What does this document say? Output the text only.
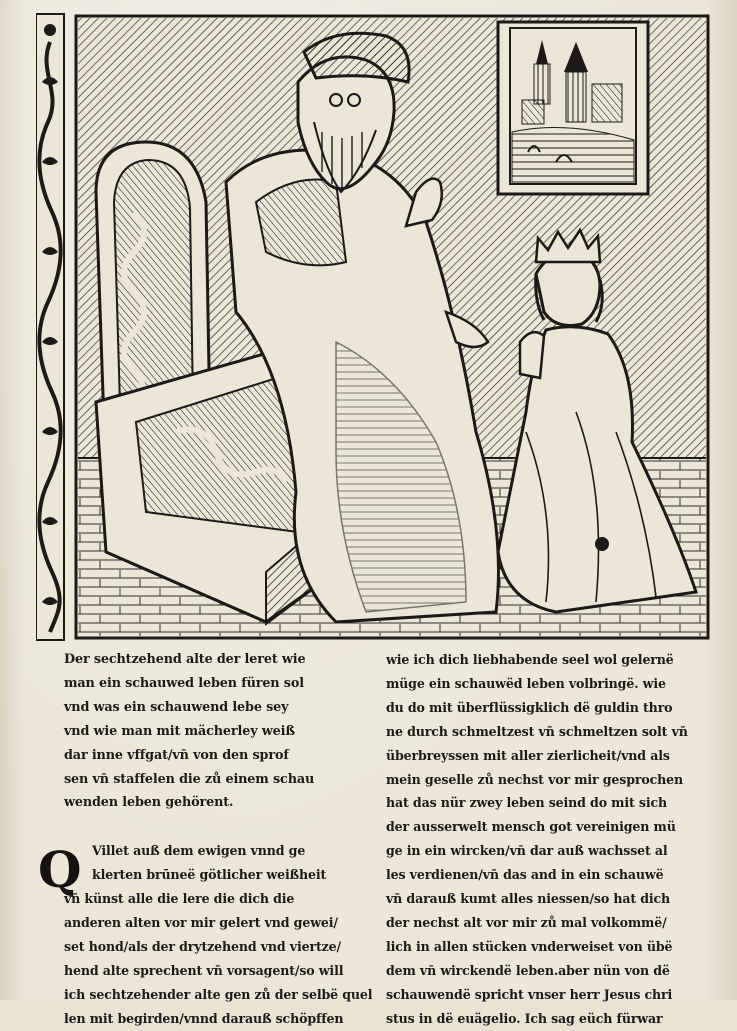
Der sechtzehend alte der leret wie
man ein schauwed leben füren sol
vnd was ein schauwend lebe sey
vnd wie man mit mächerley weiß
dar inne vffgat/vn̄ von den sprof
sen vn̄ staffelen die zů einem schau
wenden leben gehörent.
Q Villet auß dem ewigen vnnd ge
klerten brūneë götlicher weißheit
vn̄ künst alle die lere die dich die
anderen alten vor mir gelert vnd gewei/
set hond/als der drytzehend vnd viertze/
hend alte sprechent vn̄ vorsagent/so will
ich sechtzehender alte gen zů der selbë quel
len mit begirden/vnnd darauß schöpffen
wie ich dich liebhabende seel wol gelernë
müge ein schauwëd leben volbringë. wie
du do mit überflüssigklich dë guldin thro
ne durch schmeltzest vn̄ schmeltzen solt vn̄
überbreyssen mit aller zierlicheit/vnd als
mein geselle zů nechst vor mir gesprochen
hat das nür zwey leben seind do mit sich
der ausserwelt mensch got vereinigen mü
ge in ein wircken/vn̄ dar auß wachsset al
les verdienen/vn̄ das and in ein schauwë
vn̄ darauß kumt alles niessen/so hat dich
der nechst alt vor mir zů mal volkommë/
lich in allen stücken vnderweiset von übë
dem vn̄ wirckendë leben.aber nün von dë
schauwendë spricht vnser herr Jesus chri
stus in dë euägelio. Ich sag eüch fürwar
